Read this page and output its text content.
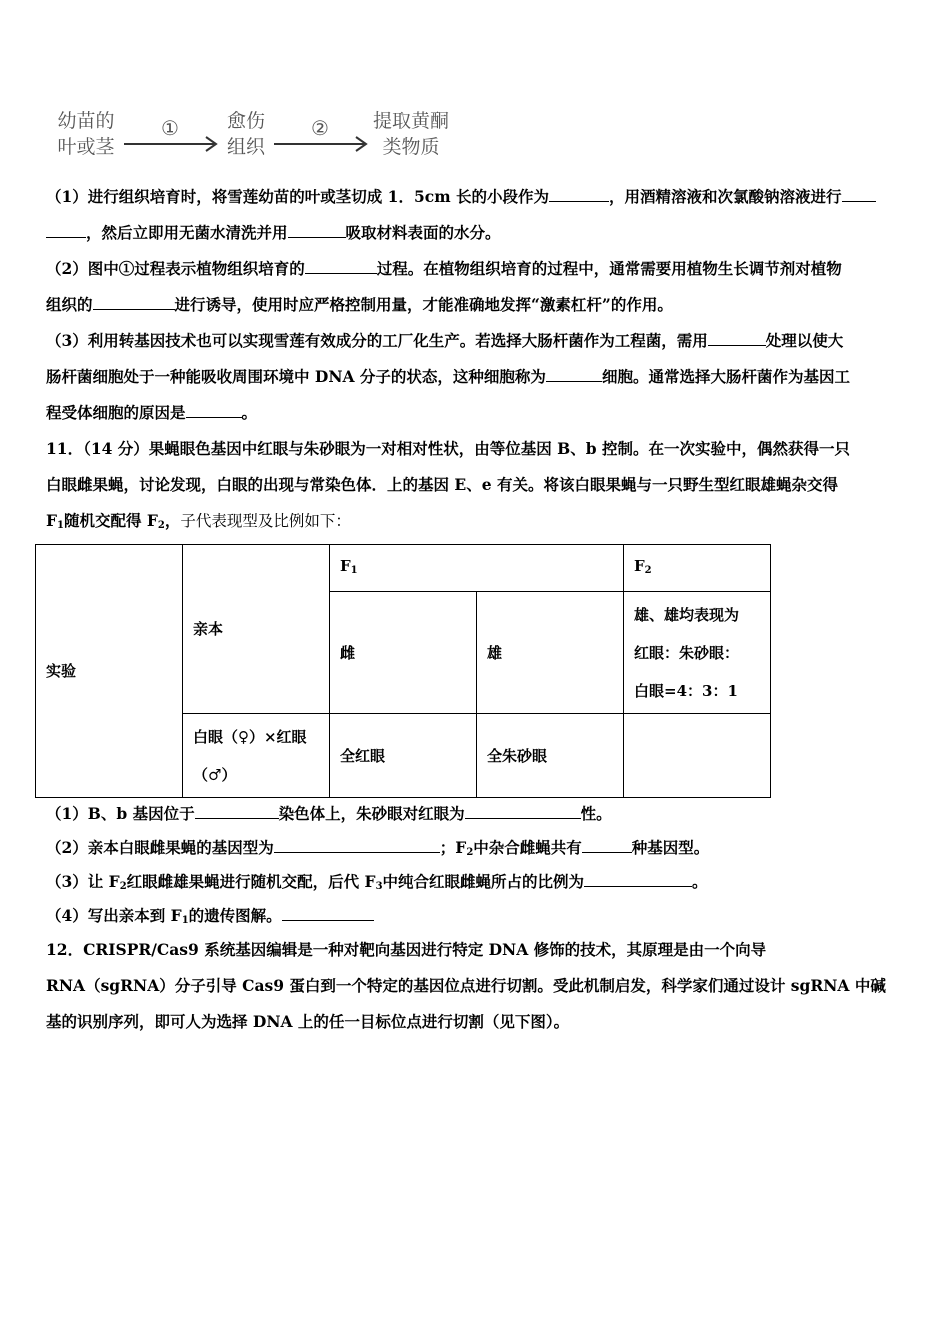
幼苗的
叶或茎
①	愈伤
组织
②	提取黄酮
类物质
（1）进行组织培育时，将雪莲幼苗的叶或茎切成 1．5cm 长的小段作为	，用酒精溶液和次氯酸钠溶液进行
，然后立即用无菌水清洗并用	吸取材料表面的水分。
（2）图中①过程表示植物组织培育的	过程。在植物组织培育的过程中，通常需要用植物生长调节剂对植物
组织的	进行诱导，使用时应严格控制用量，才能准确地发挥“激素杠杆”的作用。
（3）利用转基因技术也可以实现雪莲有效成分的工厂化生产。若选择大肠杆菌作为工程菌，需用	处理以使大
肠杆菌细胞处于一种能吸收周围环境中 DNA 分子的状态，这种细胞称为	细胞。通常选择大肠杆菌作为基因工
程受体细胞的原因是	。
11．（14 分）果蝇眼色基因中红眼与朱砂眼为一对相对性状，由等位基因 B、b 控制。在一次实验中，偶然获得一只
白眼雌果蝇，讨论发现，白眼的出现与常染色体．上的基因 E、e 有关。将该白眼果蝇与一只野生型红眼雄蝇杂交得
$F_1$随机交配得 $F_2$，子代表现型及比例如下：
实验	亲本	$F_1$		$F_2$
		雌	雄	雄、雄均表现为
红眼：朱砂眼：
白眼=4：3：1

	白眼（♀）×红眼
（♂）	全红眼	全朱砂眼	
（1）B、b 基因位于	染色体上，朱砂眼对红眼为	性。
（2）亲本白眼雌果蝇的基因型为	；$F_2$中杂合雌蝇共有	种基因型。
（3）让 $F_2$红眼雌雄果蝇进行随机交配，后代 $F_3$中纯合红眼雌蝇所占的比例为	。
（4）写出亲本到 $F_1$的遗传图解。
12．CRISPR/Cas9 系统基因编辑是一种对靶向基因进行特定 DNA 修饰的技术，其原理是由一个向导
RNA（sgRNA）分子引导 Cas9 蛋白到一个特定的基因位点进行切割。受此机制启发，科学家们通过设计 sgRNA 中碱
基的识别序列，即可人为选择 DNA 上的任一目标位点进行切割（见下图）。
